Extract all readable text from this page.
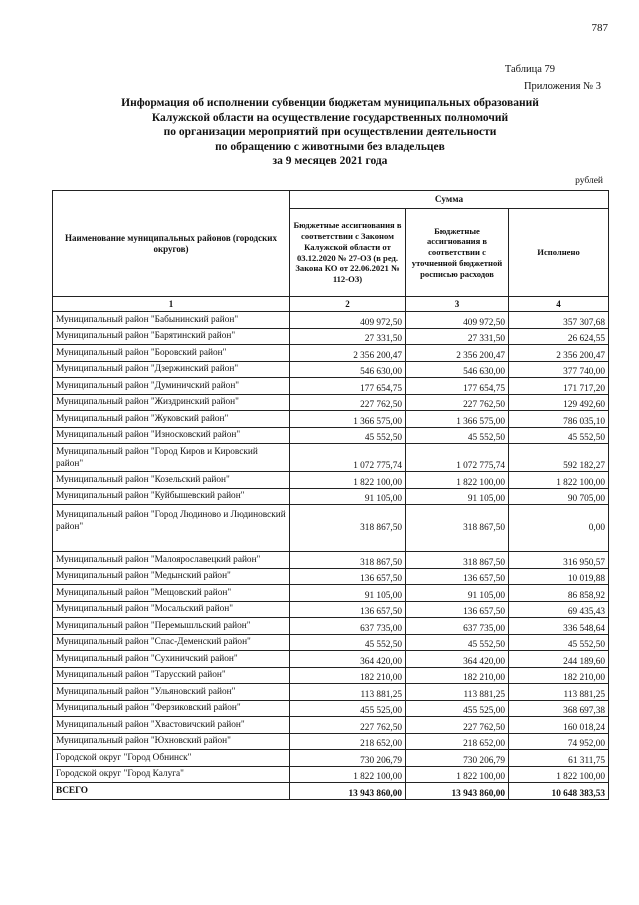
787
Таблица 79
Приложения № 3
Информация об исполнении субвенции бюджетам муниципальных образований
Калужской области на осуществление государственных полномочий
по организации мероприятий при осуществлении деятельности
по обращению с животными без владельцев
за 9 месяцев 2021 года
рублей
Наименование муниципальных районов (городских округов)	Сумма		
	Бюджетные ассигнования в соответствии с Законом Калужской области от 03.12.2020 № 27-ОЗ (в ред. Закона КО от 22.06.2021 № 112-ОЗ)	Бюджетные ассигнования в соответствии с уточненной бюджетной росписью расходов	Исполнено
1	2	3	4
Муниципальный район "Бабынинский район"	409 972,50	409 972,50	357 307,68
Муниципальный район "Барятинский район"	27 331,50	27 331,50	26 624,55
Муниципальный район "Боровский район"	2 356 200,47	2 356 200,47	2 356 200,47
Муниципальный район "Дзержинский район"	546 630,00	546 630,00	377 740,00
Муниципальный район "Думиничский район"	177 654,75	177 654,75	171 717,20
Муниципальный район "Жиздринский район"	227 762,50	227 762,50	129 492,60
Муниципальный район "Жуковский район"	1 366 575,00	1 366 575,00	786 035,10
Муниципальный район "Износковский район"	45 552,50	45 552,50	45 552,50
Муниципальный район "Город Киров и Кировский район"	1 072 775,74	1 072 775,74	592 182,27
Муниципальный район "Козельский район"	1 822 100,00	1 822 100,00	1 822 100,00
Муниципальный район "Куйбышевский район"	91 105,00	91 105,00	90 705,00
Муниципальный район "Город Людиново и Людиновский район"	318 867,50	318 867,50	0,00
Муниципальный район "Малоярославецкий район"	318 867,50	318 867,50	316 950,57
Муниципальный район "Медынский район"	136 657,50	136 657,50	10 019,88
Муниципальный район "Мещовский район"	91 105,00	91 105,00	86 858,92
Муниципальный район "Мосальский район"	136 657,50	136 657,50	69 435,43
Муниципальный район "Перемышльский район"	637 735,00	637 735,00	336 548,64
Муниципальный район "Спас-Деменский район"	45 552,50	45 552,50	45 552,50
Муниципальный район "Сухиничский район"	364 420,00	364 420,00	244 189,60
Муниципальный район "Тарусский район"	182 210,00	182 210,00	182 210,00
Муниципальный район "Ульяновский район"	113 881,25	113 881,25	113 881,25
Муниципальный район "Ферзиковский район"	455 525,00	455 525,00	368 697,38
Муниципальный район "Хвастовичский район"	227 762,50	227 762,50	160 018,24
Муниципальный район "Юхновский район"	218 652,00	218 652,00	74 952,00
Городской округ "Город Обнинск"	730 206,79	730 206,79	61 311,75
Городской округ "Город Калуга"	1 822 100,00	1 822 100,00	1 822 100,00
ВСЕГО	13 943 860,00	13 943 860,00	10 648 383,53
